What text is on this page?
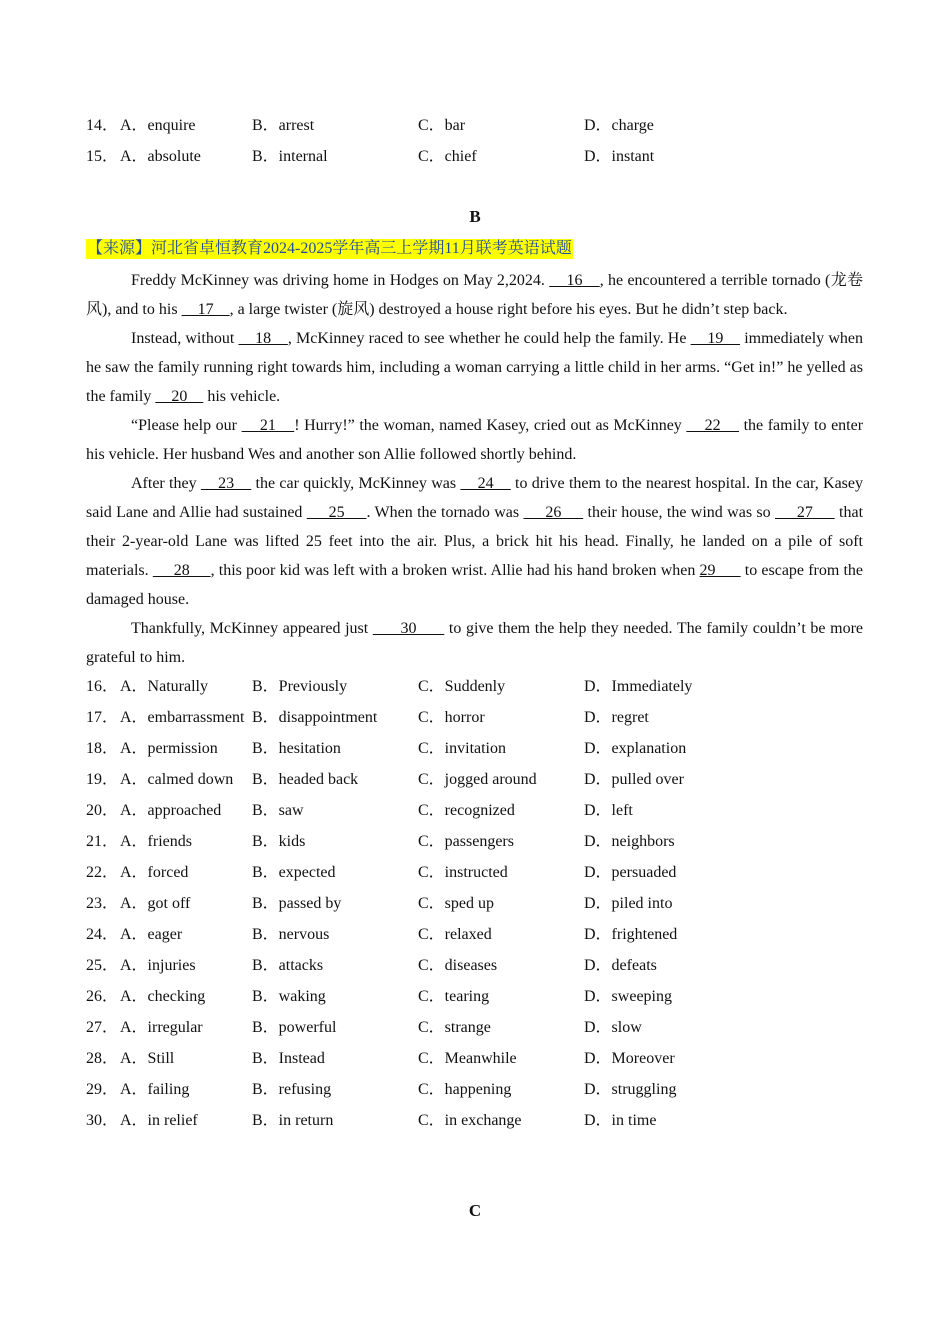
14． A．enquire	B．arrest	C．bar	D．charge
15． A．absolute	B．internal	C．chief	D．instant
B
【来源】河北省卓恒教育2024-2025学年高三上学期11月联考英语试题

Freddy McKinney was driving home in Hodges on May 2,2024.     16    , he encountered a terrible tornado (龙卷风), and to his     17    , a large twister (旋风) destroyed a house right before his eyes. But he didn’t step back.

Instead, without     18    , McKinney raced to see whether he could help the family. He     19     immediately when he saw the family running right towards him, including a woman carrying a little child in her arms. “Get in!” he yelled as the family     20     his vehicle.

“Please help our     21    ! Hurry!” the woman, named Kasey, cried out as McKinney     22     the family to enter his vehicle. Her husband Wes and another son Allie followed shortly behind.

After they     23     the car quickly, McKinney was     24     to drive them to the nearest hospital. In the car, Kasey said Lane and Allie had sustained      25     . When the tornado was      26      their house, the wind was so      27      that their 2-year-old Lane was lifted 25 feet into the air. Plus, a brick hit his head. Finally, he landed on a pile of soft materials.      28     , this poor kid was left with a broken wrist. Allie had his hand broken when 29       to escape from the damaged house.

Thankfully, McKinney appeared just       30       to give them the help they needed. The family couldn’t be more grateful to him.

16． A．Naturally	B．Previously	C．Suddenly	D．Immediately
17． A．embarrassment B．disappointment	C．horror	D．regret
18． A．permission B．hesitation	C．invitation	D．explanation
19． A．calmed down B．headed back	C．jogged around	D．pulled over
20． A．approached B．saw	C．recognized	D．left
21． A．friends	B．kids	C．passengers	D．neighbors
22． A．forced	B．expected	C．instructed	D．persuaded
23． A．got off	B．passed by	C．sped up	D．piled into
24． A．eager	B．nervous	C．relaxed	D．frightened
25． A．injuries	B．attacks	C．diseases	D．defeats
26． A．checking	B．waking	C．tearing	D．sweeping
27． A．irregular	B．powerful	C．strange	D．slow
28． A．Still	B．Instead	C．Meanwhile	D．Moreover
29． A．failing	B．refusing	C．happening	D．struggling
30． A．in relief	B．in return	C．in exchange	D．in time
C
